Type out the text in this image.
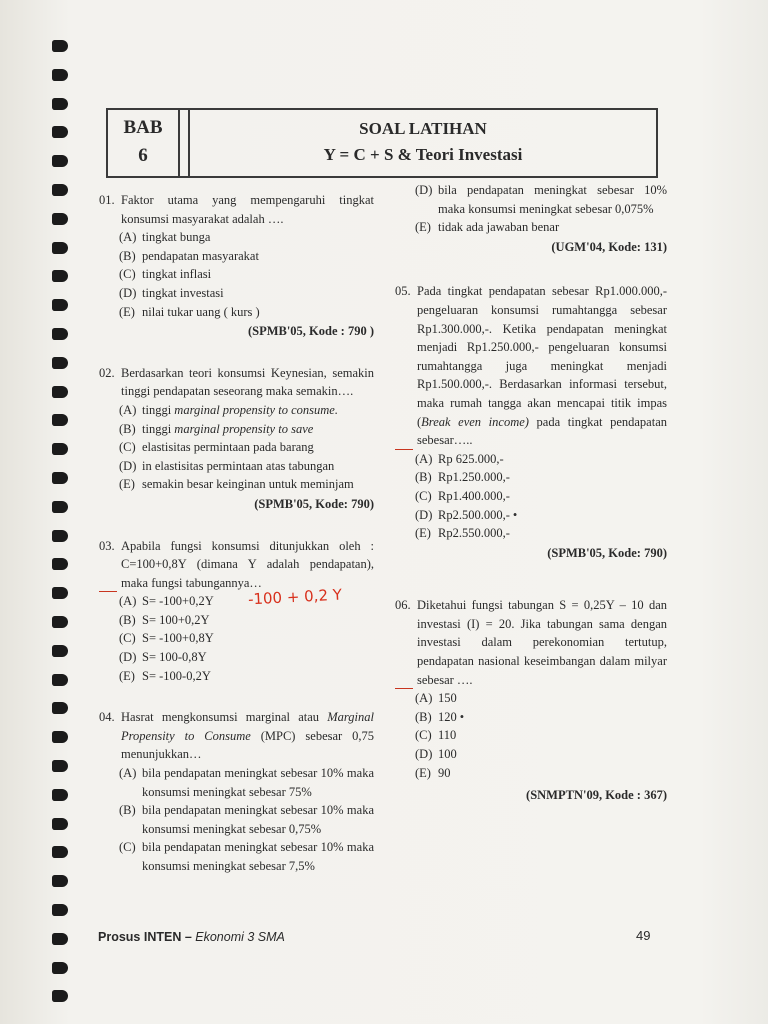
BAB
6
SOAL LATIHAN
Y = C + S & Teori Investasi
01. Faktor utama yang mempengaruhi tingkat konsumsi masyarakat adalah ….
(A) tingkat bunga
(B) pendapatan masyarakat
(C) tingkat inflasi
(D) tingkat investasi
(E) nilai tukar uang ( kurs )
(SPMB'05, Kode : 790 )
02. Berdasarkan teori konsumsi Keynesian, semakin tinggi pendapatan seseorang maka semakin….
(A) tinggi marginal propensity to consume.
(B) tinggi marginal propensity to save
(C) elastisitas permintaan pada barang
(D) in elastisitas permintaan atas tabungan
(E) semakin besar keinginan untuk meminjam
(SPMB'05, Kode: 790)
03. Apabila fungsi konsumsi ditunjukkan oleh : C=100+0,8Y (dimana Y adalah pendapatan), maka fungsi tabungannya…
(A) S= -100+0,2Y
(B) S= 100+0,2Y
(C) S= -100+0,8Y
(D) S= 100-0,8Y
(E) S= -100-0,2Y
04. Hasrat mengkonsumsi marginal atau Marginal Propensity to Consume (MPC) sebesar 0,75 menunjukkan…
(A) bila pendapatan meningkat sebesar 10% maka konsumsi meningkat sebesar 75%
(B) bila pendapatan meningkat sebesar 10% maka konsumsi meningkat sebesar 0,75%
(C) bila pendapatan meningkat sebesar 10% maka konsumsi meningkat sebesar 7,5%
-100 + 0,2 Y
(D) bila pendapatan meningkat sebesar 10% maka konsumsi meningkat sebesar 0,075%
(E) tidak ada jawaban benar
(UGM'04, Kode: 131)
05. Pada tingkat pendapatan sebesar Rp1.000.000,- pengeluaran konsumsi rumahtangga sebesar Rp1.300.000,-. Ketika pendapatan meningkat menjadi Rp1.250.000,- pengeluaran konsumsi rumahtangga juga meningkat menjadi Rp1.500.000,-. Berdasarkan informasi tersebut, maka rumah tangga akan mencapai titik impas (Break even income) pada tingkat pendapatan sebesar…..
(A) Rp 625.000,-
(B) Rp1.250.000,-
(C) Rp1.400.000,-
(D) Rp2.500.000,- •
(E) Rp2.550.000,-
(SPMB'05, Kode: 790)
06. Diketahui fungsi tabungan S = 0,25Y – 10 dan investasi (I) = 20. Jika tabungan sama dengan investasi dalam perekonomian tertutup, pendapatan nasional keseimbangan dalam milyar sebesar ….
(A) 150
(B) 120 •
(C) 110
(D) 100
(E) 90
(SNMPTN'09, Kode : 367)
Prosus INTEN – Ekonomi 3 SMA	49
